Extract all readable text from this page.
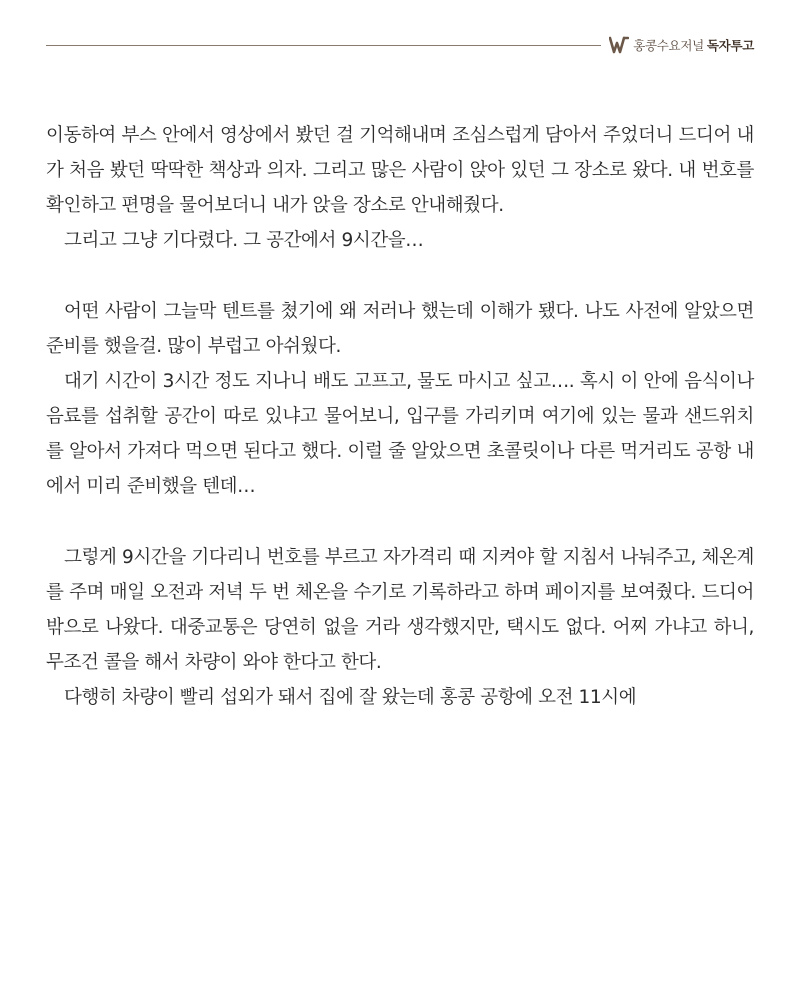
홍콩수요저널 독자투고

이동하여 부스 안에서 영상에서 봤던 걸 기억해내며 조심스럽게 담아서 주었더니 드디어 내가 처음 봤던 딱딱한 책상과 의자. 그리고 많은 사람이 앉아 있던 그 장소로 왔다. 내 번호를 확인하고 편명을 물어보더니 내가 앉을 장소로 안내해줬다.

그리고 그냥 기다렸다. 그 공간에서 9시간을…

어떤 사람이 그늘막 텐트를 쳤기에 왜 저러나 했는데 이해가 됐다. 나도 사전에 알았으면 준비를 했을걸. 많이 부럽고 아쉬웠다.

대기 시간이 3시간 정도 지나니 배도 고프고, 물도 마시고 싶고…. 혹시 이 안에 음식이나 음료를 섭취할 공간이 따로 있냐고 물어보니, 입구를 가리키며 여기에 있는 물과 샌드위치를 알아서 가져다 먹으면 된다고 했다. 이럴 줄 알았으면 초콜릿이나 다른 먹거리도 공항 내에서 미리 준비했을 텐데…

그렇게 9시간을 기다리니 번호를 부르고 자가격리 때 지켜야 할 지침서 나눠주고, 체온계를 주며 매일 오전과 저녁 두 번 체온을 수기로 기록하라고 하며 페이지를 보여줬다. 드디어 밖으로 나왔다. 대중교통은 당연히 없을 거라 생각했지만, 택시도 없다. 어찌 가냐고 하니, 무조건 콜을 해서 차량이 와야 한다고 한다.

다행히 차량이 빨리 섭외가 돼서 집에 잘 왔는데 홍콩 공항에 오전 11시에
